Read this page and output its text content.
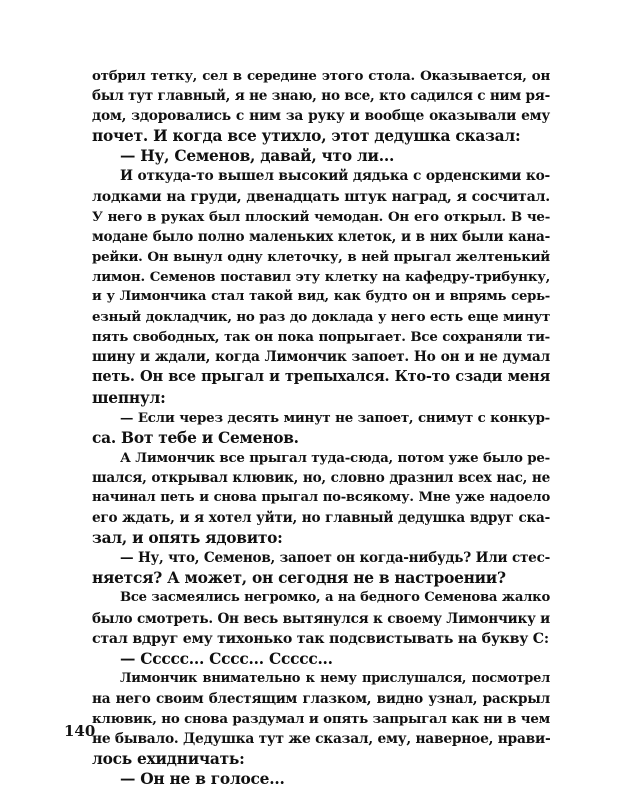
отбрил тетку, сел в середине этого стола. Оказывается, он
был тут главный, я не знаю, но все, кто садился с ним ря-
дом, здоровались с ним за руку и вообще оказывали ему
почет. И когда все утихло, этот дедушка сказал:
— Ну, Семенов, давай, что ли...
И откуда-то вышел высокий дядька с орденскими ко-
лодками на груди, двенадцать штук наград, я сосчитал.
У него в руках был плоский чемодан. Он его открыл. В че-
модане было полно маленьких клеток, и в них были кана-
рейки. Он вынул одну клеточку, в ней прыгал желтенький
лимон. Семенов поставил эту клетку на кафедру-трибунку,
и у Лимончика стал такой вид, как будто он и впрямь серь-
езный докладчик, но раз до доклада у него есть еще минут
пять свободных, так он пока попрыгает. Все сохраняли ти-
шину и ждали, когда Лимончик запоет. Но он и не думал
петь. Он все прыгал и трепыхался. Кто-то сзади меня
шепнул:
— Если через десять минут не запоет, снимут с конкур-
са. Вот тебе и Семенов.
А Лимончик все прыгал туда-сюда, потом уже было ре-
шался, открывал клювик, но, словно дразнил всех нас, не
начинал петь и снова прыгал по-всякому. Мне уже надоело
его ждать, и я хотел уйти, но главный дедушка вдруг ска-
зал, и опять ядовито:
— Ну, что, Семенов, запоет он когда-нибудь? Или стес-
няется? А может, он сегодня не в настроении?
Все засмеялись негромко, а на бедного Семенова жалко
было смотреть. Он весь вытянулся к своему Лимончику и
стал вдруг ему тихонько так подсвистывать на букву С:
— Ссссс... Сссс... Ссссс...
Лимончик внимательно к нему прислушался, посмотрел
на него своим блестящим глазком, видно узнал, раскрыл
клювик, но снова раздумал и опять запрыгал как ни в чем
не бывало. Дедушка тут же сказал, ему, наверное, нрави-
лось ехидничать:
— Он не в голосе...
140
